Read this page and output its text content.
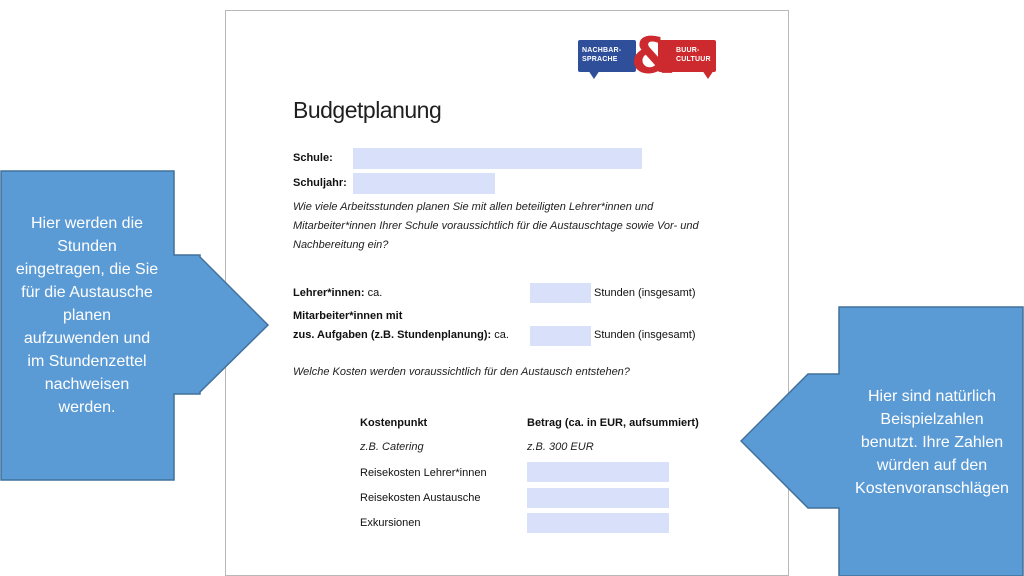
NACHBAR-
SPRACHE & BUUR-
CULTUUR
Budgetplanung
Schule:
Schuljahr:
Wie viele Arbeitsstunden planen Sie mit allen beteiligten Lehrer*innen und Mitarbeiter*innen Ihrer Schule voraussichtlich für die Austauschtage sowie Vor- und Nachbereitung ein?
Lehrer*innen: ca.	Stunden (insgesamt)
Mitarbeiter*innen mit
zus. Aufgaben (z.B. Stundenplanung): ca.	Stunden (insgesamt)
Welche Kosten werden voraussichtlich für den Austausch entstehen?
Kostenpunkt	Betrag (ca. in EUR, aufsummiert)
z.B. Catering	z.B. 300 EUR
Reisekosten Lehrer*innen
Reisekosten Austausche
Exkursionen
Hier werden die
Stunden
eingetragen, die Sie
für die Austausche
planen
aufzuwenden und
im Stundenzettel
nachweisen
werden.
Hier sind natürlich
Beispielzahlen
benutzt. Ihre Zahlen
würden auf den
Kostenvoranschlägen
